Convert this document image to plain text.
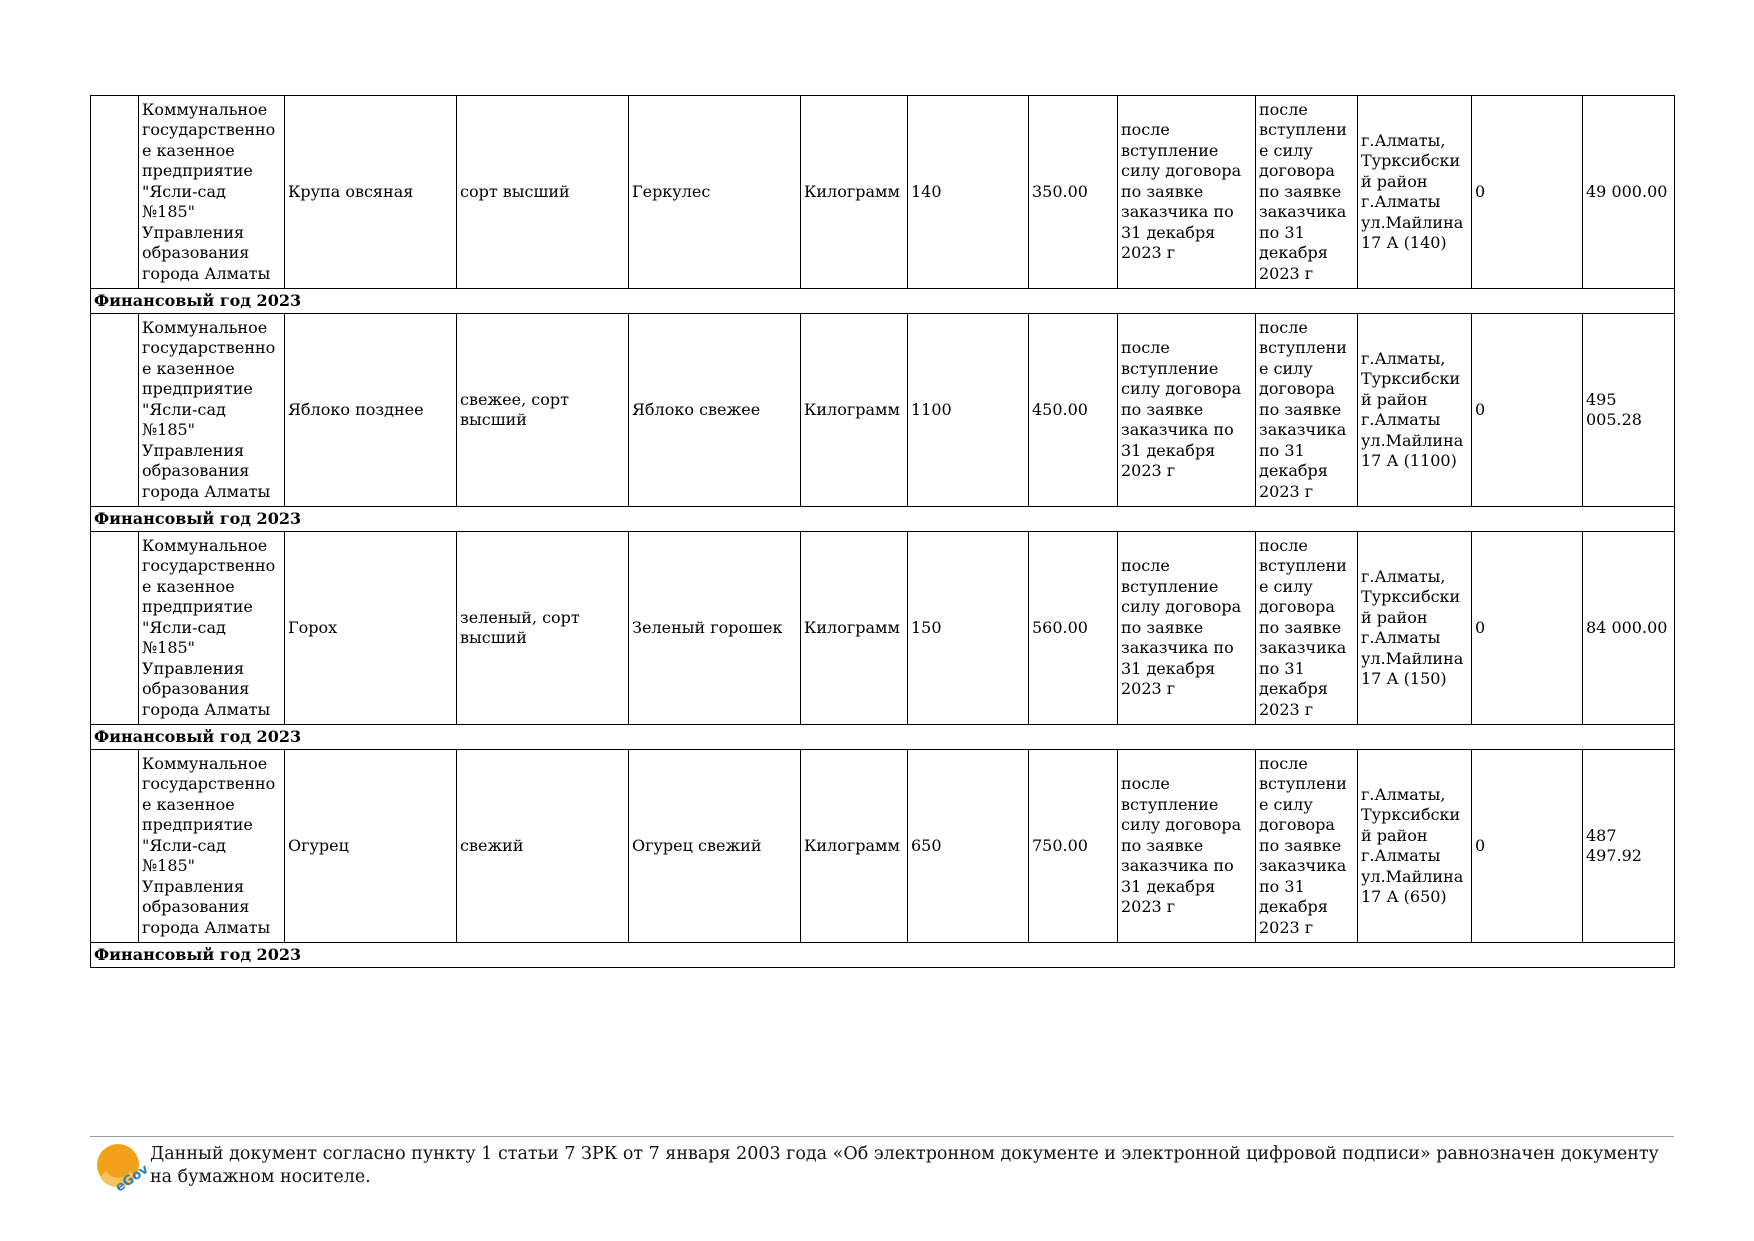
	Коммунальное государственное казенное предприятие "Ясли-сад №185" Управления образования города Алматы	Крупа овсяная	сорт высший	Геркулес	Килограмм	140	350.00	после вступление силу договора по заявке заказчика по 31 декабря 2023 г	после вступление силу договора по заявке заказчика по 31 декабря 2023 г	г.Алматы, Турксибский район г.Алматы ул.Майлина 17 А (140)	0	49 000.00
Финансовый год 2023												
	Коммунальное государственное казенное предприятие "Ясли-сад №185" Управления образования города Алматы	Яблоко позднее	свежее, сорт высший	Яблоко свежее	Килограмм	1100	450.00	после вступление силу договора по заявке заказчика по 31 декабря 2023 г	после вступление силу договора по заявке заказчика по 31 декабря 2023 г	г.Алматы, Турксибский район г.Алматы ул.Майлина 17 А (1100)	0	495 005.28
Финансовый год 2023												
	Коммунальное государственное казенное предприятие "Ясли-сад №185" Управления образования города Алматы	Горох	зеленый, сорт высший	Зеленый горошек	Килограмм	150	560.00	после вступление силу договора по заявке заказчика по 31 декабря 2023 г	после вступление силу договора по заявке заказчика по 31 декабря 2023 г	г.Алматы, Турксибский район г.Алматы ул.Майлина 17 А (150)	0	84 000.00
Финансовый год 2023												
	Коммунальное государственное казенное предприятие "Ясли-сад №185" Управления образования города Алматы	Огурец	свежий	Огурец свежий	Килограмм	650	750.00	после вступление силу договора по заявке заказчика по 31 декабря 2023 г	после вступление силу договора по заявке заказчика по 31 декабря 2023 г	г.Алматы, Турксибский район г.Алматы ул.Майлина 17 А (650)	0	487 497.92
Финансовый год 2023												
eGov
Данный документ согласно пункту 1 статьи 7 ЗРК от 7 января 2003 года «Об электронном документе и электронной цифровой подписи» равнозначен документу на бумажном носителе.
